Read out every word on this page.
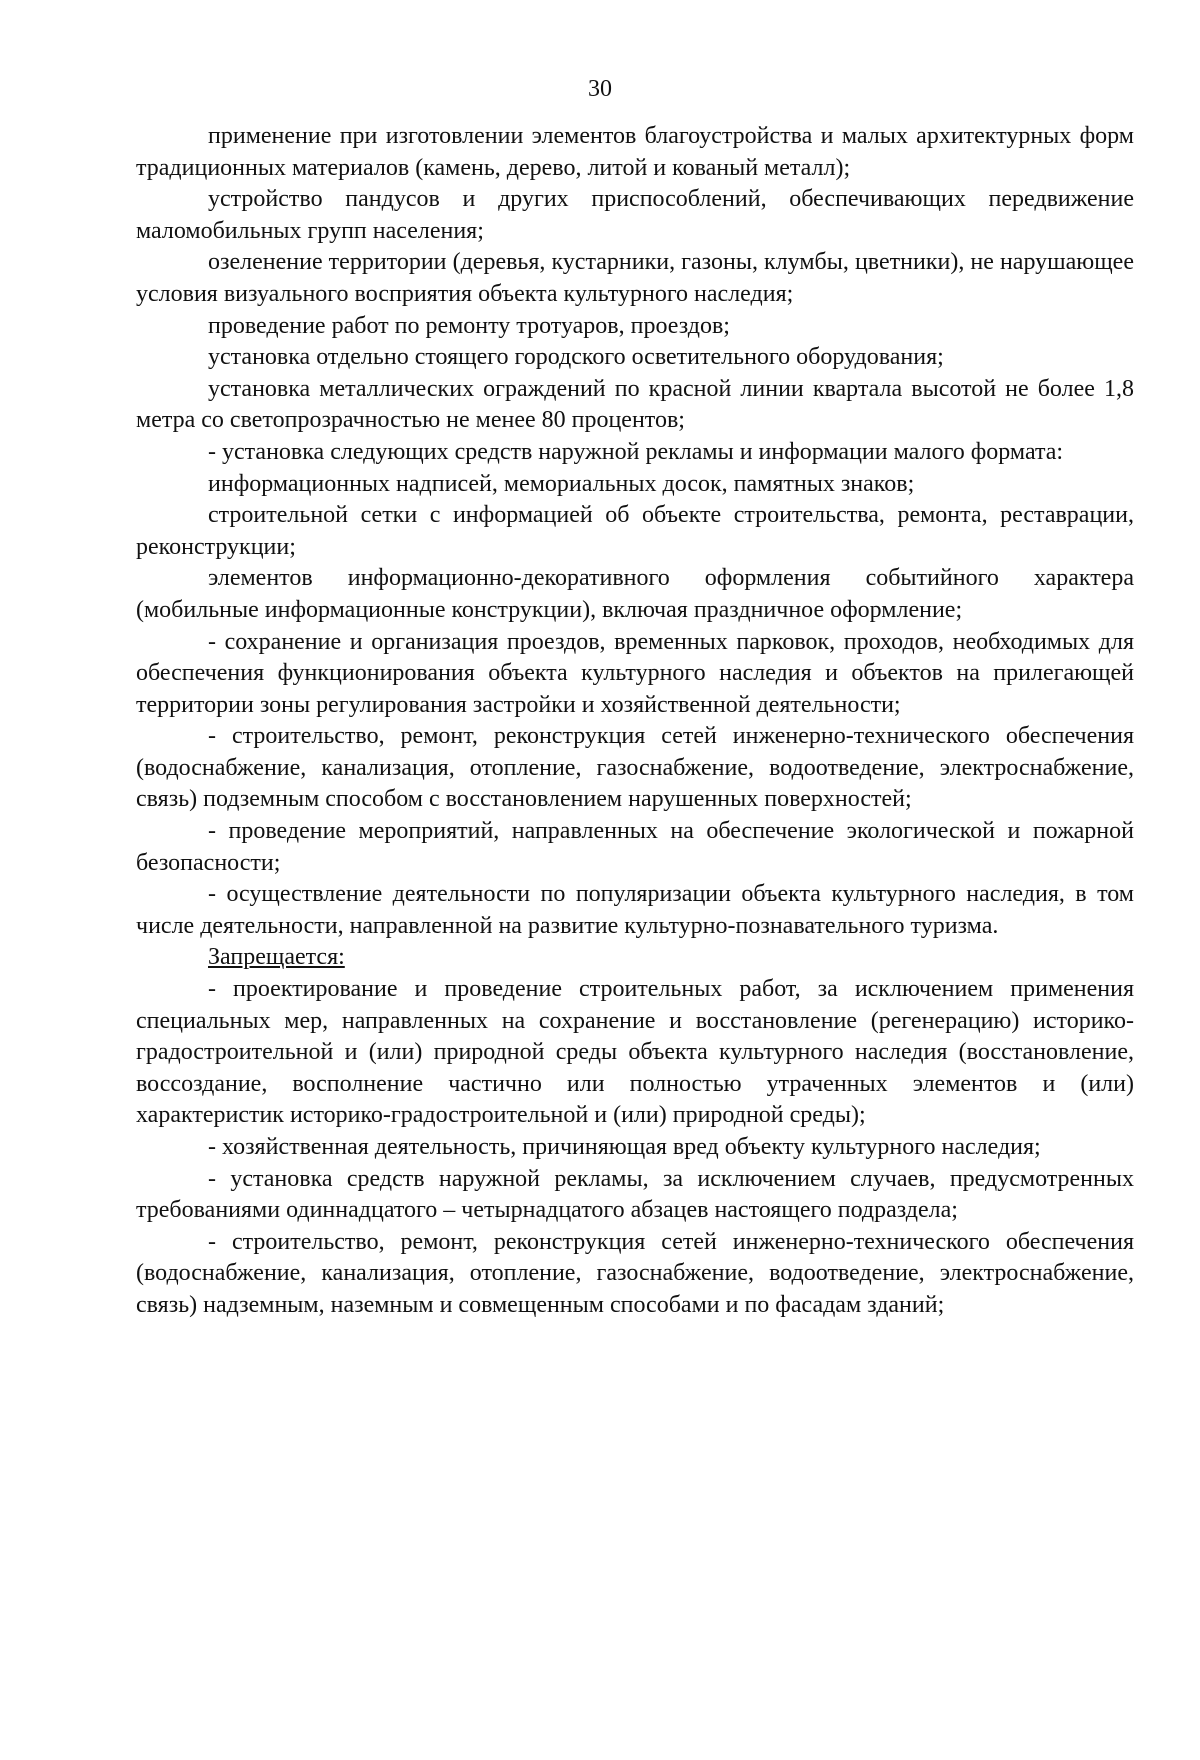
30

применение при изготовлении элементов благоустройства и малых архитектурных форм традиционных материалов (камень, дерево, литой и кованый металл);

устройство пандусов и других приспособлений, обеспечивающих передвижение маломобильных групп населения;

озеленение территории (деревья, кустарники, газоны, клумбы, цветники), не нарушающее условия визуального восприятия объекта культурного наследия;

проведение работ по ремонту тротуаров, проездов;

установка отдельно стоящего городского осветительного оборудования;

установка металлических ограждений по красной линии квартала высотой не более 1,8 метра со светопрозрачностью не менее 80 процентов;

- установка следующих средств наружной рекламы и информации малого формата:

информационных надписей, мемориальных досок, памятных знаков;

строительной сетки с информацией об объекте строительства, ремонта, реставрации, реконструкции;

элементов информационно-декоративного оформления событийного характера (мобильные информационные конструкции), включая праздничное оформление;

- сохранение и организация проездов, временных парковок, проходов, необходимых для обеспечения функционирования объекта культурного наследия и объектов на прилегающей территории зоны регулирования застройки и хозяйственной деятельности;

- строительство, ремонт, реконструкция сетей инженерно-технического обеспечения (водоснабжение, канализация, отопление, газоснабжение, водоотведение, электроснабжение, связь) подземным способом с восстановлением нарушенных поверхностей;

- проведение мероприятий, направленных на обеспечение экологической и пожарной безопасности;

- осуществление деятельности по популяризации объекта культурного наследия, в том числе деятельности, направленной на развитие культурно-познавательного туризма.

Запрещается:

- проектирование и проведение строительных работ, за исключением применения специальных мер, направленных на сохранение и восстановление (регенерацию) историко-градостроительной и (или) природной среды объекта культурного наследия (восстановление, воссоздание, восполнение частично или полностью утраченных элементов и (или) характеристик историко-градостроительной и (или) природной среды);

- хозяйственная деятельность, причиняющая вред объекту культурного наследия;

- установка средств наружной рекламы, за исключением случаев, предусмотренных требованиями одиннадцатого – четырнадцатого абзацев настоящего подраздела;

- строительство, ремонт, реконструкция сетей инженерно-технического обеспечения (водоснабжение, канализация, отопление, газоснабжение, водоотведение, электроснабжение, связь) надземным, наземным и совмещенным способами и по фасадам зданий;
